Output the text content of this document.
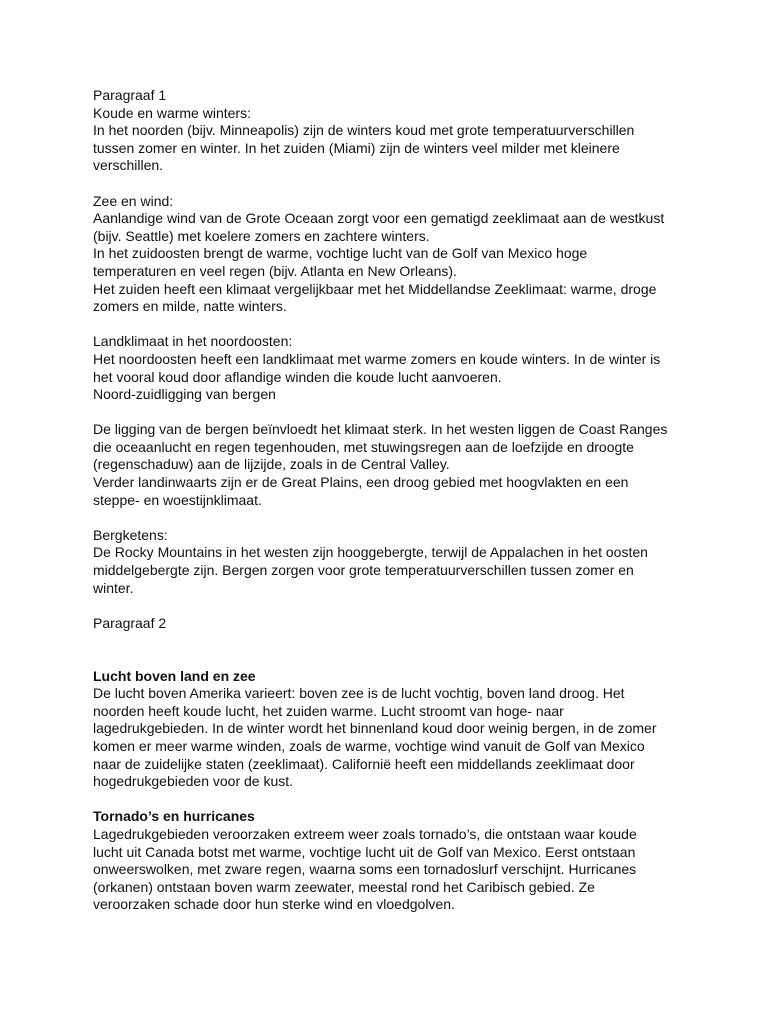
Paragraaf 1

Koude en warme winters:

In het noorden (bijv. Minneapolis) zijn de winters koud met grote temperatuurverschillen

tussen zomer en winter. In het zuiden (Miami) zijn de winters veel milder met kleinere

verschillen.

Zee en wind:

Aanlandige wind van de Grote Oceaan zorgt voor een gematigd zeeklimaat aan de westkust

(bijv. Seattle) met koelere zomers en zachtere winters.

In het zuidoosten brengt de warme, vochtige lucht van de Golf van Mexico hoge

temperaturen en veel regen (bijv. Atlanta en New Orleans).

Het zuiden heeft een klimaat vergelijkbaar met het Middellandse Zeeklimaat: warme, droge

zomers en milde, natte winters.

Landklimaat in het noordoosten:

Het noordoosten heeft een landklimaat met warme zomers en koude winters. In de winter is

het vooral koud door aflandige winden die koude lucht aanvoeren.

Noord-zuidligging van bergen

De ligging van de bergen beïnvloedt het klimaat sterk. In het westen liggen de Coast Ranges

die oceaanlucht en regen tegenhouden, met stuwingsregen aan de loefzijde en droogte

(regenschaduw) aan de lijzijde, zoals in de Central Valley.

Verder landinwaarts zijn er de Great Plains, een droog gebied met hoogvlakten en een

steppe- en woestijnklimaat.

Bergketens:

De Rocky Mountains in het westen zijn hooggebergte, terwijl de Appalachen in het oosten

middelgebergte zijn. Bergen zorgen voor grote temperatuurverschillen tussen zomer en

winter.

Paragraaf 2

Lucht boven land en zee

De lucht boven Amerika varieert: boven zee is de lucht vochtig, boven land droog. Het

noorden heeft koude lucht, het zuiden warme. Lucht stroomt van hoge- naar

lagedrukgebieden. In de winter wordt het binnenland koud door weinig bergen, in de zomer

komen er meer warme winden, zoals de warme, vochtige wind vanuit de Golf van Mexico

naar de zuidelijke staten (zeeklimaat). Californië heeft een middellands zeeklimaat door

hogedrukgebieden voor de kust.

Tornado’s en hurricanes

Lagedrukgebieden veroorzaken extreem weer zoals tornado’s, die ontstaan waar koude

lucht uit Canada botst met warme, vochtige lucht uit de Golf van Mexico. Eerst ontstaan

onweerswolken, met zware regen, waarna soms een tornadoslurf verschijnt. Hurricanes

(orkanen) ontstaan boven warm zeewater, meestal rond het Caribisch gebied. Ze

veroorzaken schade door hun sterke wind en vloedgolven.
